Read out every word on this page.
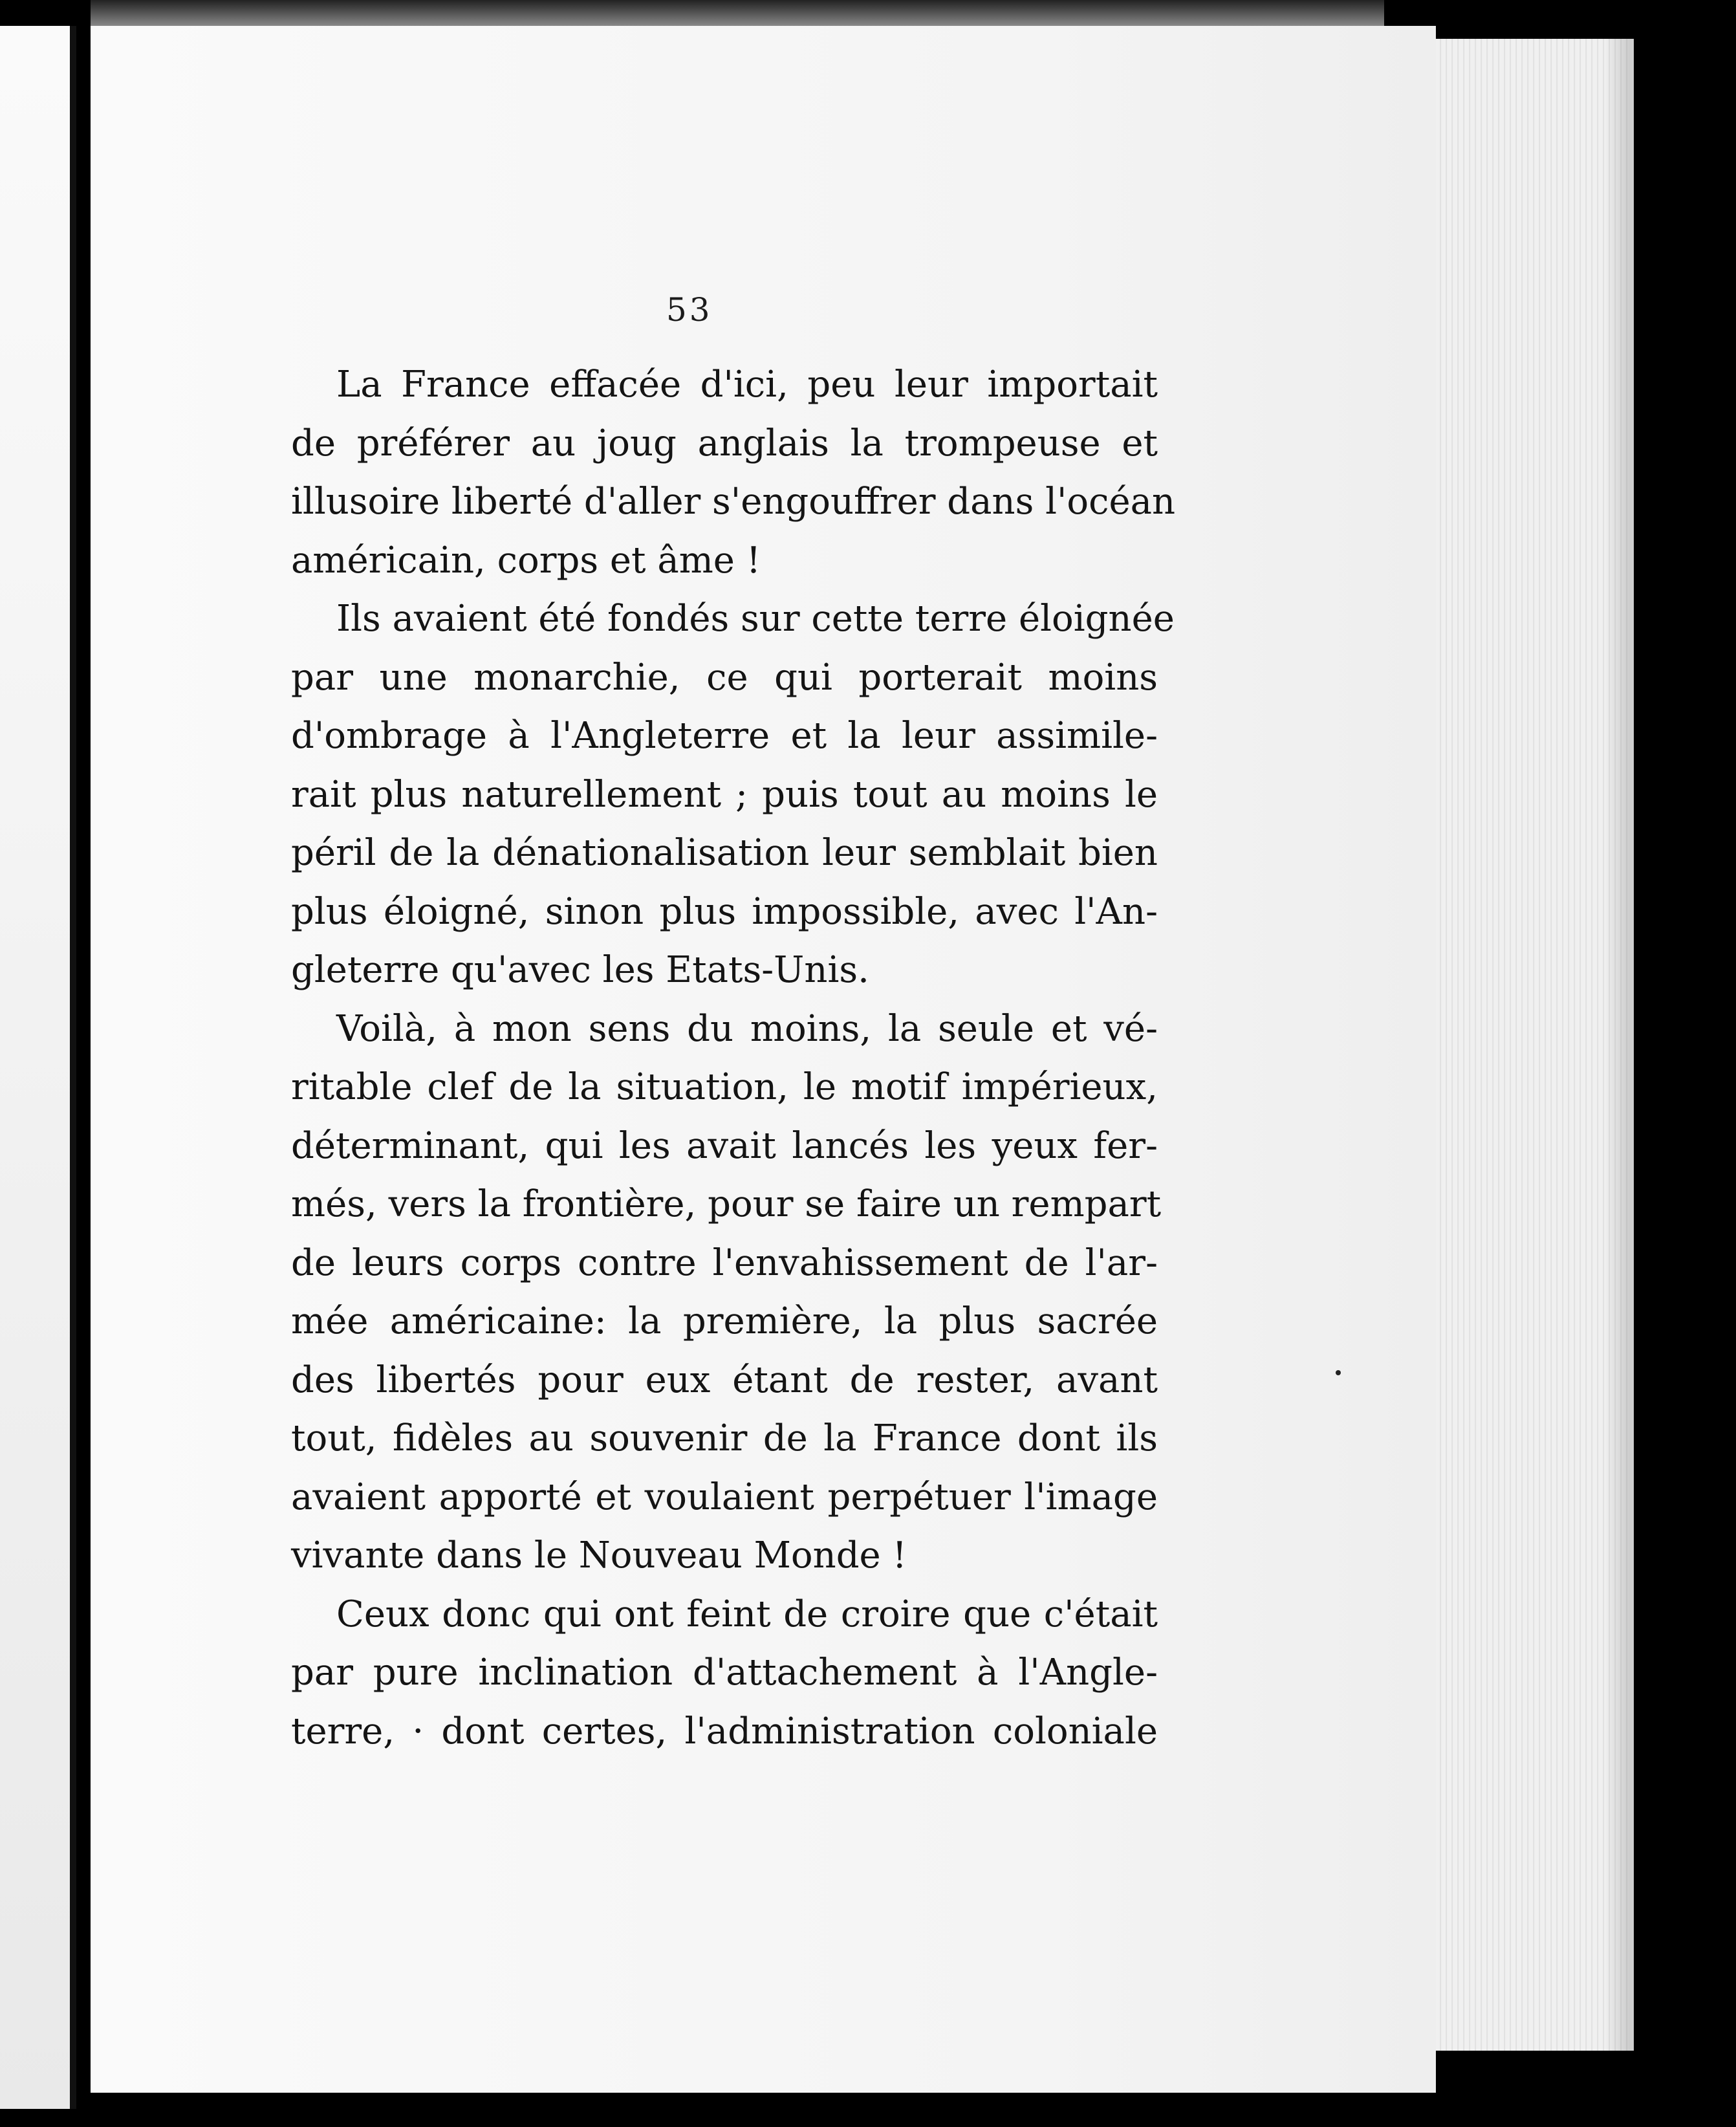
53
La France effacée d'ici, peu leur importait
de préférer au joug anglais la trompeuse et
illusoire liberté d'aller s'engouffrer dans l'océan
américain, corps et âme !
Ils avaient été fondés sur cette terre éloignée
par une monarchie, ce qui porterait moins
d'ombrage à l'Angleterre et la leur assimile-
rait plus naturellement ; puis tout au moins le
péril de la dénationalisation leur semblait bien
plus éloigné, sinon plus impossible, avec l'An-
gleterre qu'avec les Etats-Unis.
Voilà, à mon sens du moins, la seule et vé-
ritable clef de la situation, le motif impérieux,
déterminant, qui les avait lancés les yeux fer-
més, vers la frontière, pour se faire un rempart
de leurs corps contre l'envahissement de l'ar-
mée américaine: la première, la plus sacrée
des libertés pour eux étant de rester, avant
tout, fidèles au souvenir de la France dont ils
avaient apporté et voulaient perpétuer l'image
vivante dans le Nouveau Monde !
Ceux donc qui ont feint de croire que c'était
par pure inclination d'attachement à l'Angle-
terre, · dont certes, l'administration coloniale
